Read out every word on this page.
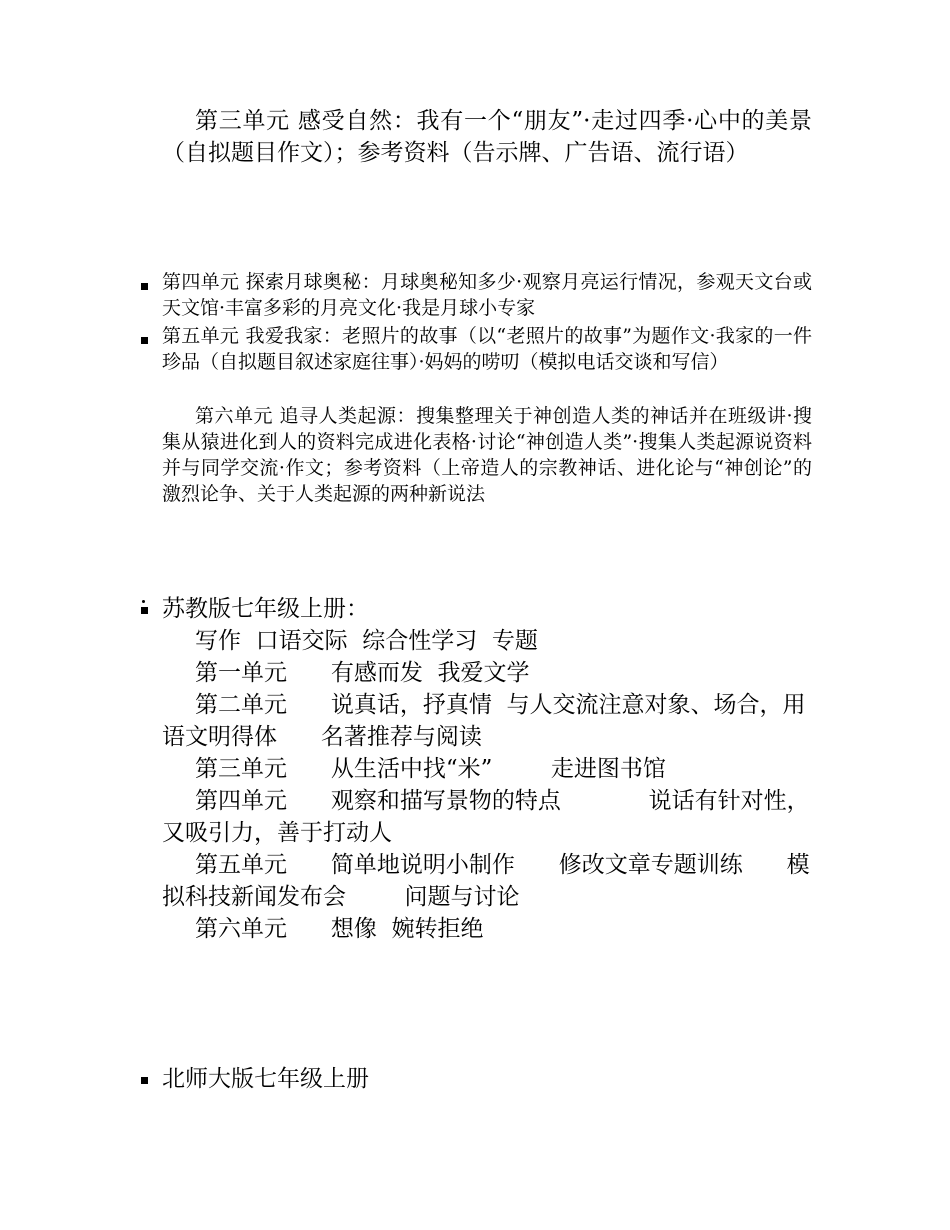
第三单元 感受自然：我有一个“朋友”·走过四季·心中的美景（自拟题目作文）；参考资料（告示牌、广告语、流行语）

第四单元 探索月球奥秘：月球奥秘知多少·观察月亮运行情况，参观天文台或天文馆·丰富多彩的月亮文化·我是月球小专家

第五单元 我爱我家：老照片的故事（以“老照片的故事”为题作文·我家的一件珍品（自拟题目叙述家庭往事）·妈妈的唠叨（模拟电话交谈和写信）

第六单元 追寻人类起源：搜集整理关于神创造人类的神话并在班级讲·搜集从猿进化到人的资料完成进化表格·讨论“神创造人类”·搜集人类起源说资料并与同学交流·作文；参考资料（上帝造人的宗教神话、进化论与“神创论”的激烈论争、关于人类起源的两种新说法

苏教版七年级上册：
写作  口语交际  综合性学习  专题
第一单元      有感而发  我爱文学

第二单元      说真话，抒真情  与人交流注意对象、场合，用语文明得体      名著推荐与阅读

第三单元      从生活中找“米”        走进图书馆

第四单元      观察和描写景物的特点            说话有针对性，又吸引力，善于打动人

第五单元      简单地说明小制作      修改文章专题训练      模拟科技新闻发布会        问题与讨论

第六单元      想像  婉转拒绝
北师大版七年级上册
